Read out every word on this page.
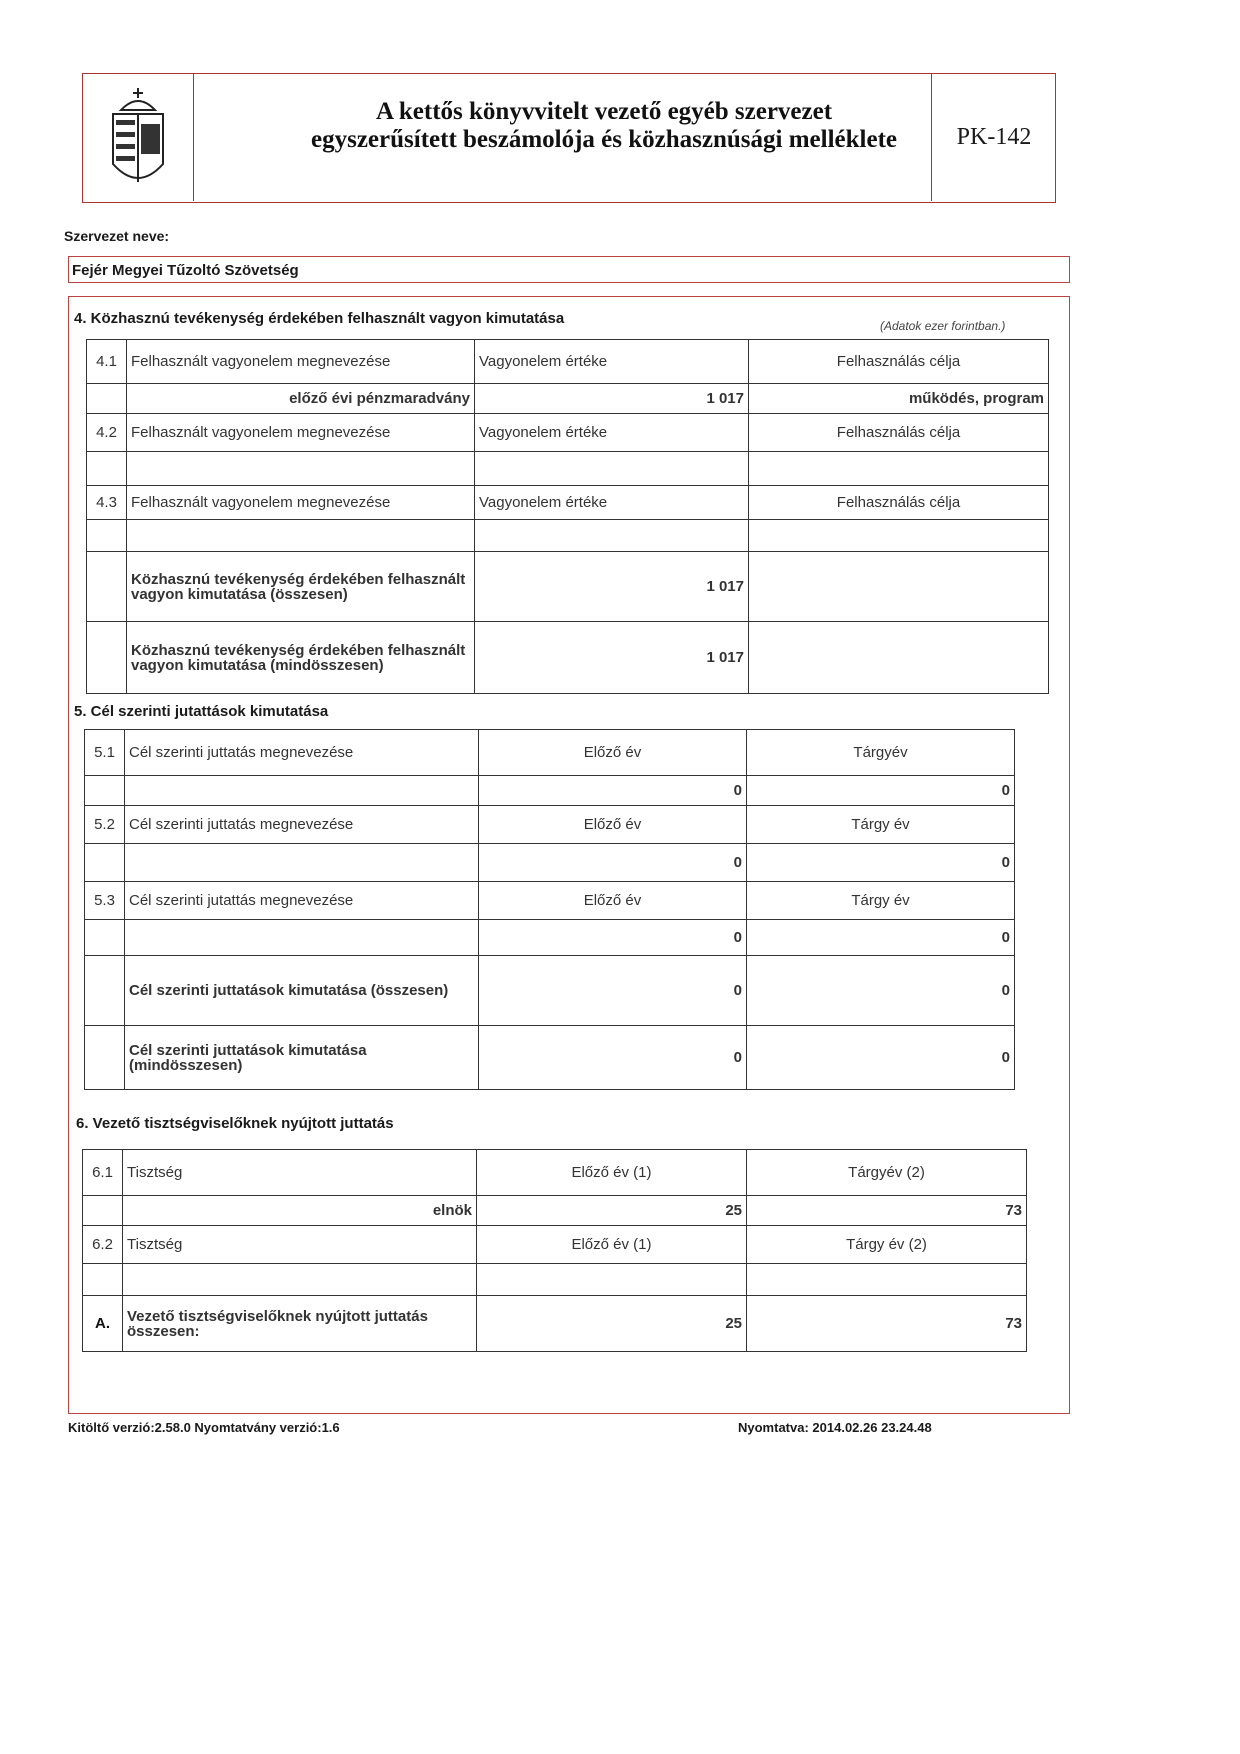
A kettős könyvvitelt vezető egyéb szervezet
egyszerűsített beszámolója és közhasznúsági melléklete	PK-142
Szervezet neve:
Fejér Megyei Tűzoltó Szövetség
4. Közhasznú tevékenység érdekében felhasznált vagyon kimutatása	(Adatok ezer forintban.)
4.1	Felhasznált vagyonelem megnevezése	Vagyonelem értéke	Felhasználás célja
	előző évi pénzmaradvány	1 017	működés, program
4.2	Felhasznált vagyonelem megnevezése	Vagyonelem értéke	Felhasználás célja

4.3	Felhasznált vagyonelem megnevezése	Vagyonelem értéke	Felhasználás célja

	Közhasznú tevékenység érdekében felhasznált vagyon kimutatása (összesen)	1 017	
	Közhasznú tevékenység érdekében felhasznált vagyon kimutatása (mindösszesen)	1 017	
5. Cél szerinti jutattások kimutatása
5.1	Cél szerinti juttatás megnevezése	Előző év	Tárgyév
		0	0
5.2	Cél szerinti juttatás megnevezése	Előző év	Tárgy év
		0	0
5.3	Cél szerinti jutattás megnevezése	Előző év	Tárgy év
		0	0
	Cél szerinti juttatások kimutatása (összesen)	0	0
	Cél szerinti juttatások kimutatása (mindösszesen)	0	0
6. Vezető tisztségviselőknek nyújtott juttatás
6.1	Tisztség	Előző év (1)	Tárgyév (2)
	elnök	25	73
6.2	Tisztség	Előző év (1)	Tárgy év (2)

A.	Vezető tisztségviselőknek nyújtott juttatás összesen:	25	73
Kitöltő verzió:2.58.0 Nyomtatvány verzió:1.6	Nyomtatva: 2014.02.26 23.24.48
